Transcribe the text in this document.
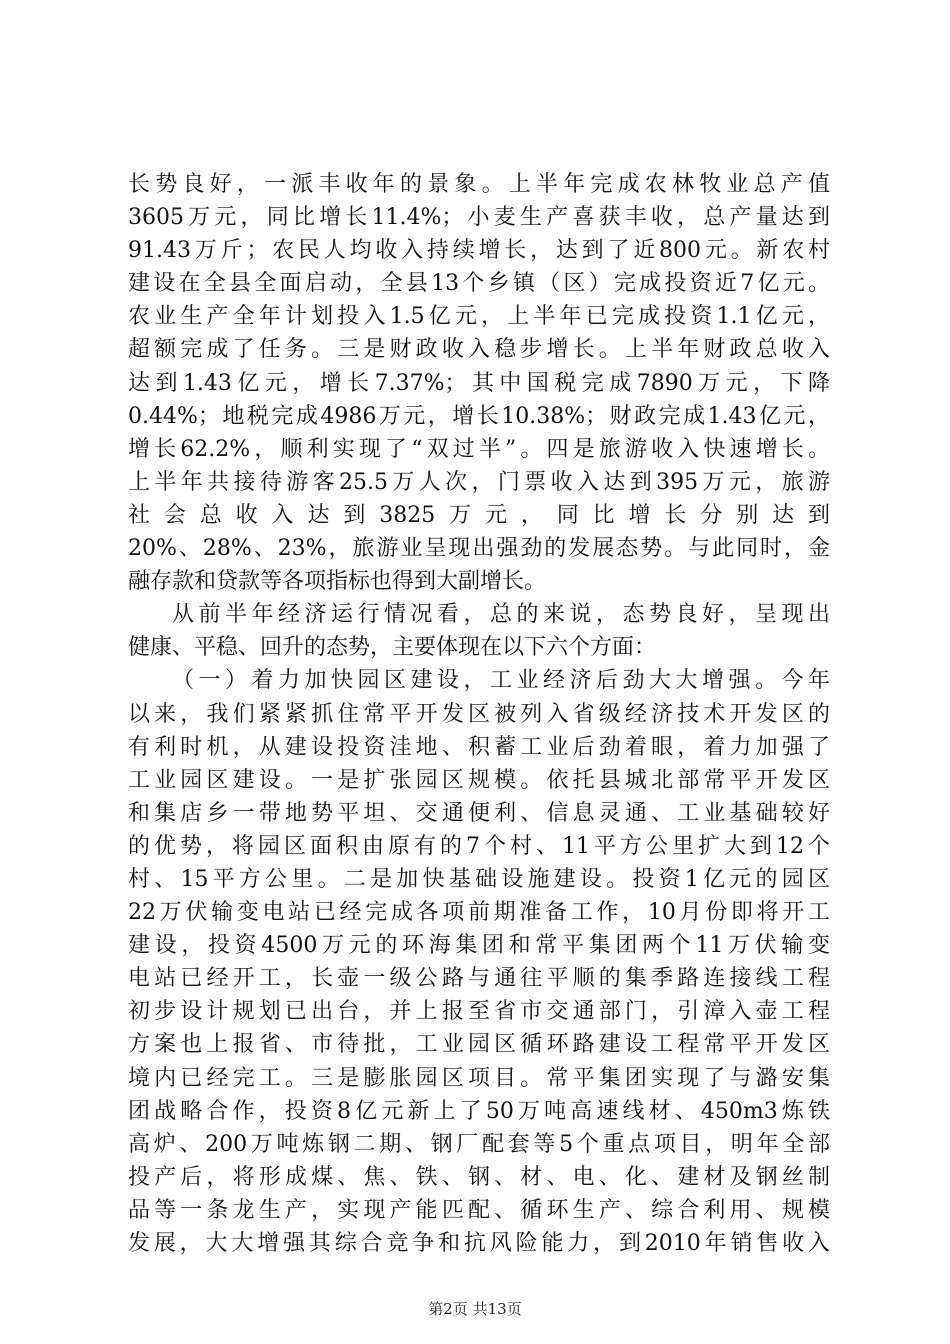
长势良好，一派丰收年的景象。上半年完成农林牧业总产值
3605万元，同比增长11.4%；小麦生产喜获丰收，总产量达到
91.43万斤；农民人均收入持续增长，达到了近800元。新农村
建设在全县全面启动，全县13个乡镇（区）完成投资近7亿元。
农业生产全年计划投入1.5亿元，上半年已完成投资1.1亿元，
超额完成了任务。三是财政收入稳步增长。上半年财政总收入
达到1.43亿元，增长7.37%；其中国税完成7890万元，下降
0.44%；地税完成4986万元，增长10.38%；财政完成1.43亿元，
增长62.2%，顺利实现了“双过半”。四是旅游收入快速增长。
上半年共接待游客25.5万人次，门票收入达到395万元，旅游
社会总收入达到3825万元，同比增长分别达到
20%、28%、23%，旅游业呈现出强劲的发展态势。与此同时，金
融存款和贷款等各项指标也得到大副增长。
从前半年经济运行情况看，总的来说，态势良好，呈现出
健康、平稳、回升的态势，主要体现在以下六个方面：
（一）着力加快园区建设，工业经济后劲大大增强。今年
以来，我们紧紧抓住常平开发区被列入省级经济技术开发区的
有利时机，从建设投资洼地、积蓄工业后劲着眼，着力加强了
工业园区建设。一是扩张园区规模。依托县城北部常平开发区
和集店乡一带地势平坦、交通便利、信息灵通、工业基础较好
的优势，将园区面积由原有的7个村、11平方公里扩大到12个
村、15平方公里。二是加快基础设施建设。投资1亿元的园区
22万伏输变电站已经完成各项前期准备工作，10月份即将开工
建设，投资4500万元的环海集团和常平集团两个11万伏输变
电站已经开工，长壶一级公路与通往平顺的集季路连接线工程
初步设计规划已出台，并上报至省市交通部门，引漳入壶工程
方案也上报省、市待批，工业园区循环路建设工程常平开发区
境内已经完工。三是膨胀园区项目。常平集团实现了与潞安集
团战略合作，投资8亿元新上了50万吨高速线材、450m3炼铁
高炉、200万吨炼钢二期、钢厂配套等5个重点项目，明年全部
投产后，将形成煤、焦、铁、钢、材、电、化、建材及钢丝制
品等一条龙生产，实现产能匹配、循环生产、综合利用、规模
发展，大大增强其综合竞争和抗风险能力，到2010年销售收入
第2页 共13页
